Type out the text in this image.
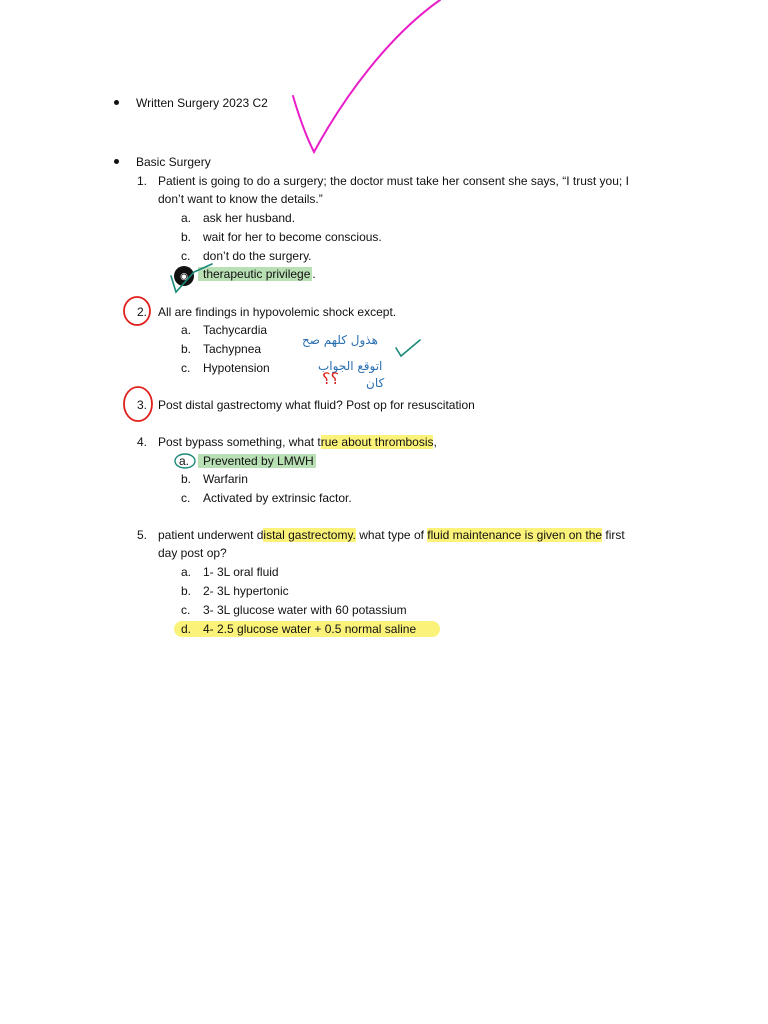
Written Surgery 2023 C2
Basic Surgery
1. Patient is going to do a surgery; the doctor must take her consent she says, “I trust you; I
don’t want to know the details.”
a. ask her husband.
b. wait for her to become conscious.
c. don’t do the surgery.
◉	therapeutic privilege .
2. All are findings in hypovolemic shock except.
a. Tachycardia
b. Tachypnea
c. Hypotension
هذول كلهم صح
اتوقع الجواب
كان
؟؟
3. Post distal gastrectomy what fluid? Post op for resuscitation
4. Post bypass something, what true about thrombosis,
a.	Prevented by LMWH
b. Warfarin
c. Activated by extrinsic factor.
5. patient underwent distal gastrectomy. what type of fluid maintenance is given on the first
day post op?
a. 1- 3L oral fluid
b. 2- 3L hypertonic
c. 3- 3L glucose water with 60 potassium
d. 4- 2.5 glucose water + 0.5 normal saline
